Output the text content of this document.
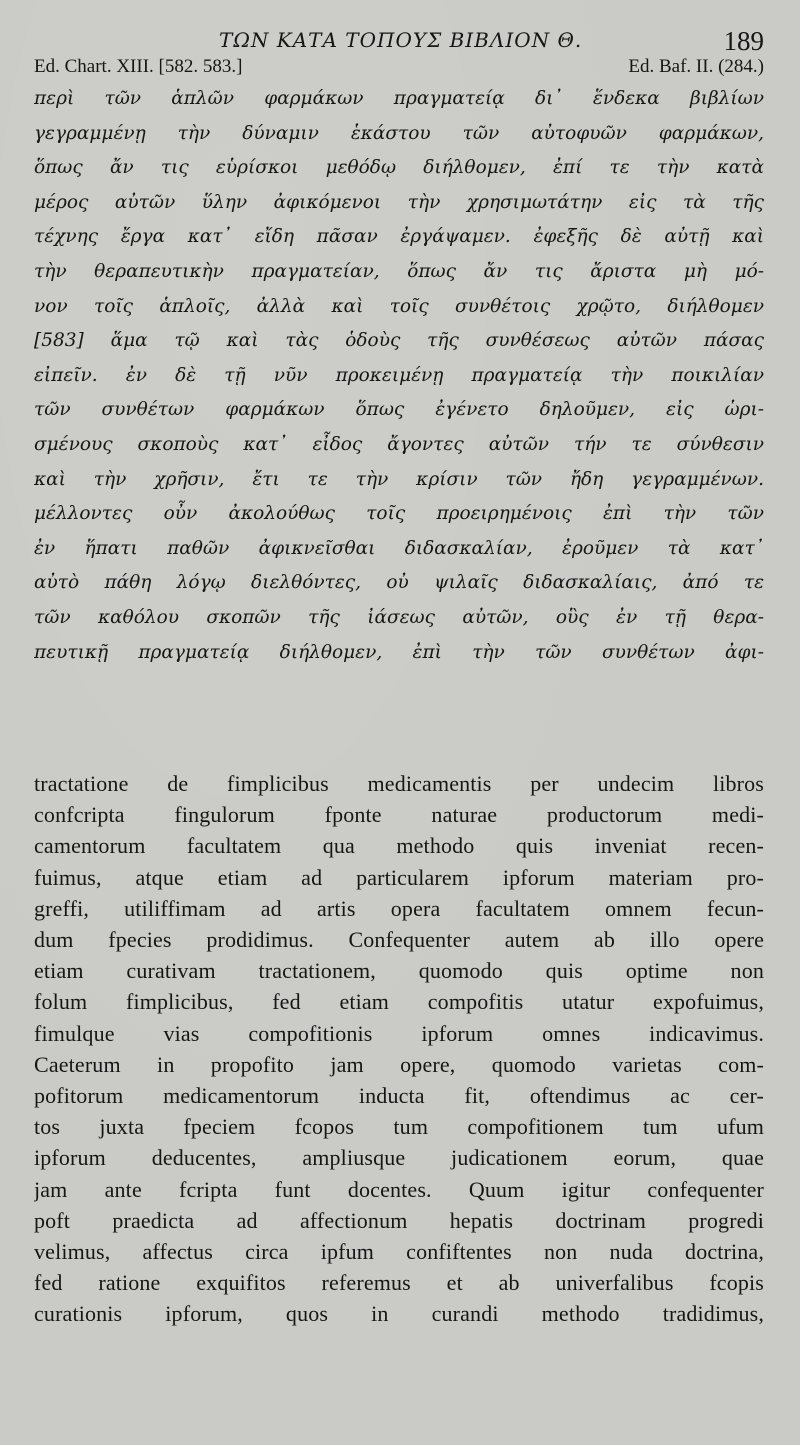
ΤΩΝ ΚΑΤΑ ΤΟΠΟΥΣ ΒΙΒΛΙΟΝ Θ.	189
Ed. Chart. XIII. [582. 583.]	Ed. Baf. II. (284.)
περὶ τῶν ἁπλῶν φαρμάκων πραγματείᾳ δι᾽ ἕνδεκα βιβλίων
γεγραμμένῃ τὴν δύναμιν ἑκάστου τῶν αὐτοφυῶν φαρμάκων,
ὅπως ἄν τις εὑρίσκοι μεθόδῳ διήλθομεν, ἐπί τε τὴν κατὰ
μέρος αὐτῶν ὕλην ἀφικόμενοι τὴν χρησιμωτάτην εἰς τὰ τῆς
τέχνης ἔργα κατ᾽ εἴδη πᾶσαν ἐργάψαμεν. ἐφεξῆς δὲ αὐτῇ καὶ
τὴν θεραπευτικὴν πραγματείαν, ὅπως ἄν τις ἄριστα μὴ μό-
νον τοῖς ἁπλοῖς, ἀλλὰ καὶ τοῖς συνθέτοις χρῷτο, διήλθομεν
[583] ἅμα τῷ καὶ τὰς ὁδοὺς τῆς συνθέσεως αὐτῶν πάσας
εἰπεῖν. ἐν δὲ τῇ νῦν προκειμένῃ πραγματείᾳ τὴν ποικιλίαν
τῶν συνθέτων φαρμάκων ὅπως ἐγένετο δηλοῦμεν, εἰς ὡρι-
σμένους σκοποὺς κατ᾽ εἶδος ἄγοντες αὐτῶν τήν τε σύνθεσιν
καὶ τὴν χρῆσιν, ἔτι τε τὴν κρίσιν τῶν ἤδη γεγραμμένων.
μέλλοντες οὖν ἀκολούθως τοῖς προειρημένοις ἐπὶ τὴν τῶν
ἐν ἥπατι παθῶν ἀφικνεῖσθαι διδασκαλίαν, ἐροῦμεν τὰ κατ᾽
αὐτὸ πάθη λόγῳ διελθόντες, οὐ ψιλαῖς διδασκαλίαις, ἀπό τε
τῶν καθόλου σκοπῶν τῆς ἰάσεως αὐτῶν, οὓς ἐν τῇ θερα-
πευτικῇ πραγματείᾳ διήλθομεν, ἐπὶ τὴν τῶν συνθέτων ἀφι-
tractatione de fimplicibus medicamentis per undecim libros
confcripta fingulorum fponte naturae productorum medi-
camentorum facultatem qua methodo quis inveniat recen-
fuimus, atque etiam ad particularem ipforum materiam pro-
greffi, utiliffimam ad artis opera facultatem omnem fecun-
dum fpecies prodidimus. Confequenter autem ab illo opere
etiam curativam tractationem, quomodo quis optime non
folum fimplicibus, fed etiam compofitis utatur expofuimus,
fimulque vias compofitionis ipforum omnes indicavimus.
Caeterum in propofito jam opere, quomodo varietas com-
pofitorum medicamentorum inducta fit, oftendimus ac cer-
tos juxta fpeciem fcopos tum compofitionem tum ufum
ipforum deducentes, ampliusque judicationem eorum, quae
jam ante fcripta funt docentes. Quum igitur confequenter
poft praedicta ad affectionum hepatis doctrinam progredi
velimus, affectus circa ipfum confiftentes non nuda doctrina,
fed ratione exquifitos referemus et ab univerfalibus fcopis
curationis ipforum, quos in curandi methodo tradidimus,
